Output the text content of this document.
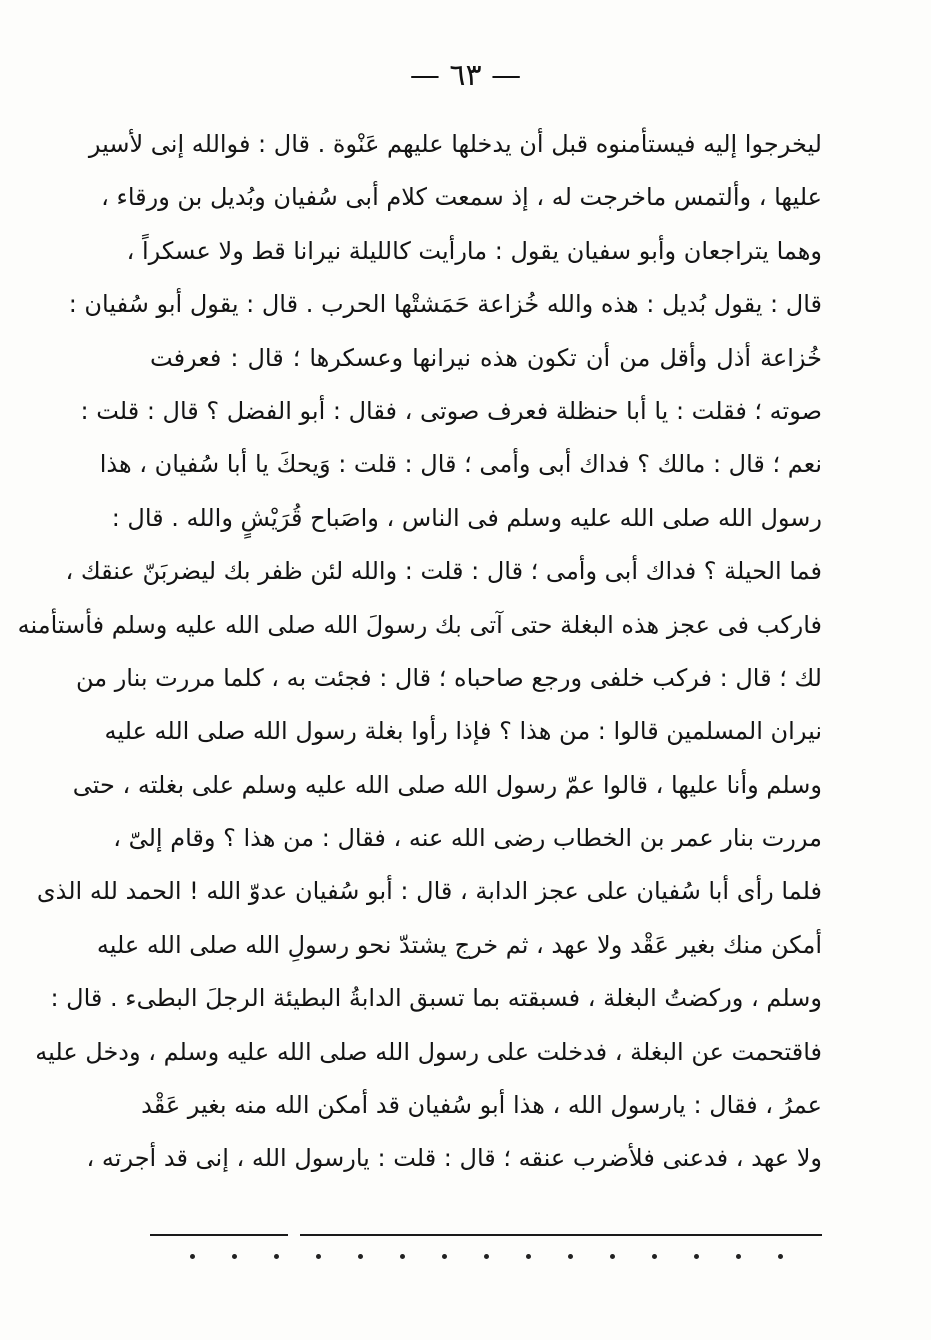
— ٦٣ —
ليخرجوا إليه فيستأمنوه قبل أن يدخلها عليهم عَنْوة . قال : فوالله إنى لأسير
عليها ، وألتمس ماخرجت له ، إذ سمعت كلام أبى سُفيان وبُديل بن ورقاء ،
وهما يتراجعان وأبو سفيان يقول : مارأيت كالليلة نيرانا قط ولا عسكراً ،
قال : يقول بُديل : هذه والله خُزاعة حَمَشتْها الحرب . قال : يقول أبو سُفيان :
خُزاعة أذل وأقل من أن تكون هذه نيرانها وعسكرها ؛ قال : فعرفت
صوته ؛ فقلت : يا أبا حنظلة فعرف صوتى ، فقال : أبو الفضل ؟ قال : قلت :
نعم ؛ قال : مالك ؟ فداك أبى وأمى ؛ قال : قلت : وَيحكَ يا أبا سُفيان ، هذا
رسول الله صلى الله عليه وسلم فى الناس ، واصَباح قُرَيْشٍ والله . قال :
فما الحيلة ؟ فداك أبى وأمى ؛ قال : قلت : والله لئن ظفر بك ليضربَنّ عنقك ،
فاركب فى عجز هذه البغلة حتى آتى بك رسولَ الله صلى الله عليه وسلم فأستأمنه
لك ؛ قال : فركب خلفى ورجع صاحباه ؛ قال : فجئت به ، كلما مررت بنار من
نيران المسلمين قالوا : من هذا ؟ فإذا رأوا بغلة رسول الله صلى الله عليه
وسلم وأنا عليها ، قالوا عمّ رسول الله صلى الله عليه وسلم على بغلته ، حتى
مررت بنار عمر بن الخطاب رضى الله عنه ، فقال : من هذا ؟ وقام إلىّ ،
فلما رأى أبا سُفيان على عجز الدابة ، قال : أبو سُفيان عدوّ الله ! الحمد لله الذى
أمكن منك بغير عَقْد ولا عهد ، ثم خرج يشتدّ نحو رسولِ الله صلى الله عليه
وسلم ، وركضتُ البغلة ، فسبقته بما تسبق الدابةُ البطيئة الرجلَ البطىء . قال :
فاقتحمت عن البغلة ، فدخلت على رسول الله صلى الله عليه وسلم ، ودخل عليه
عمرُ ، فقال : يارسول الله ، هذا أبو سُفيان قد أمكن الله منه بغير عَقْد
ولا عهد ، فدعنى فلأضرب عنقه ؛ قال : قلت : يارسول الله ، إنى قد أجرته ،
